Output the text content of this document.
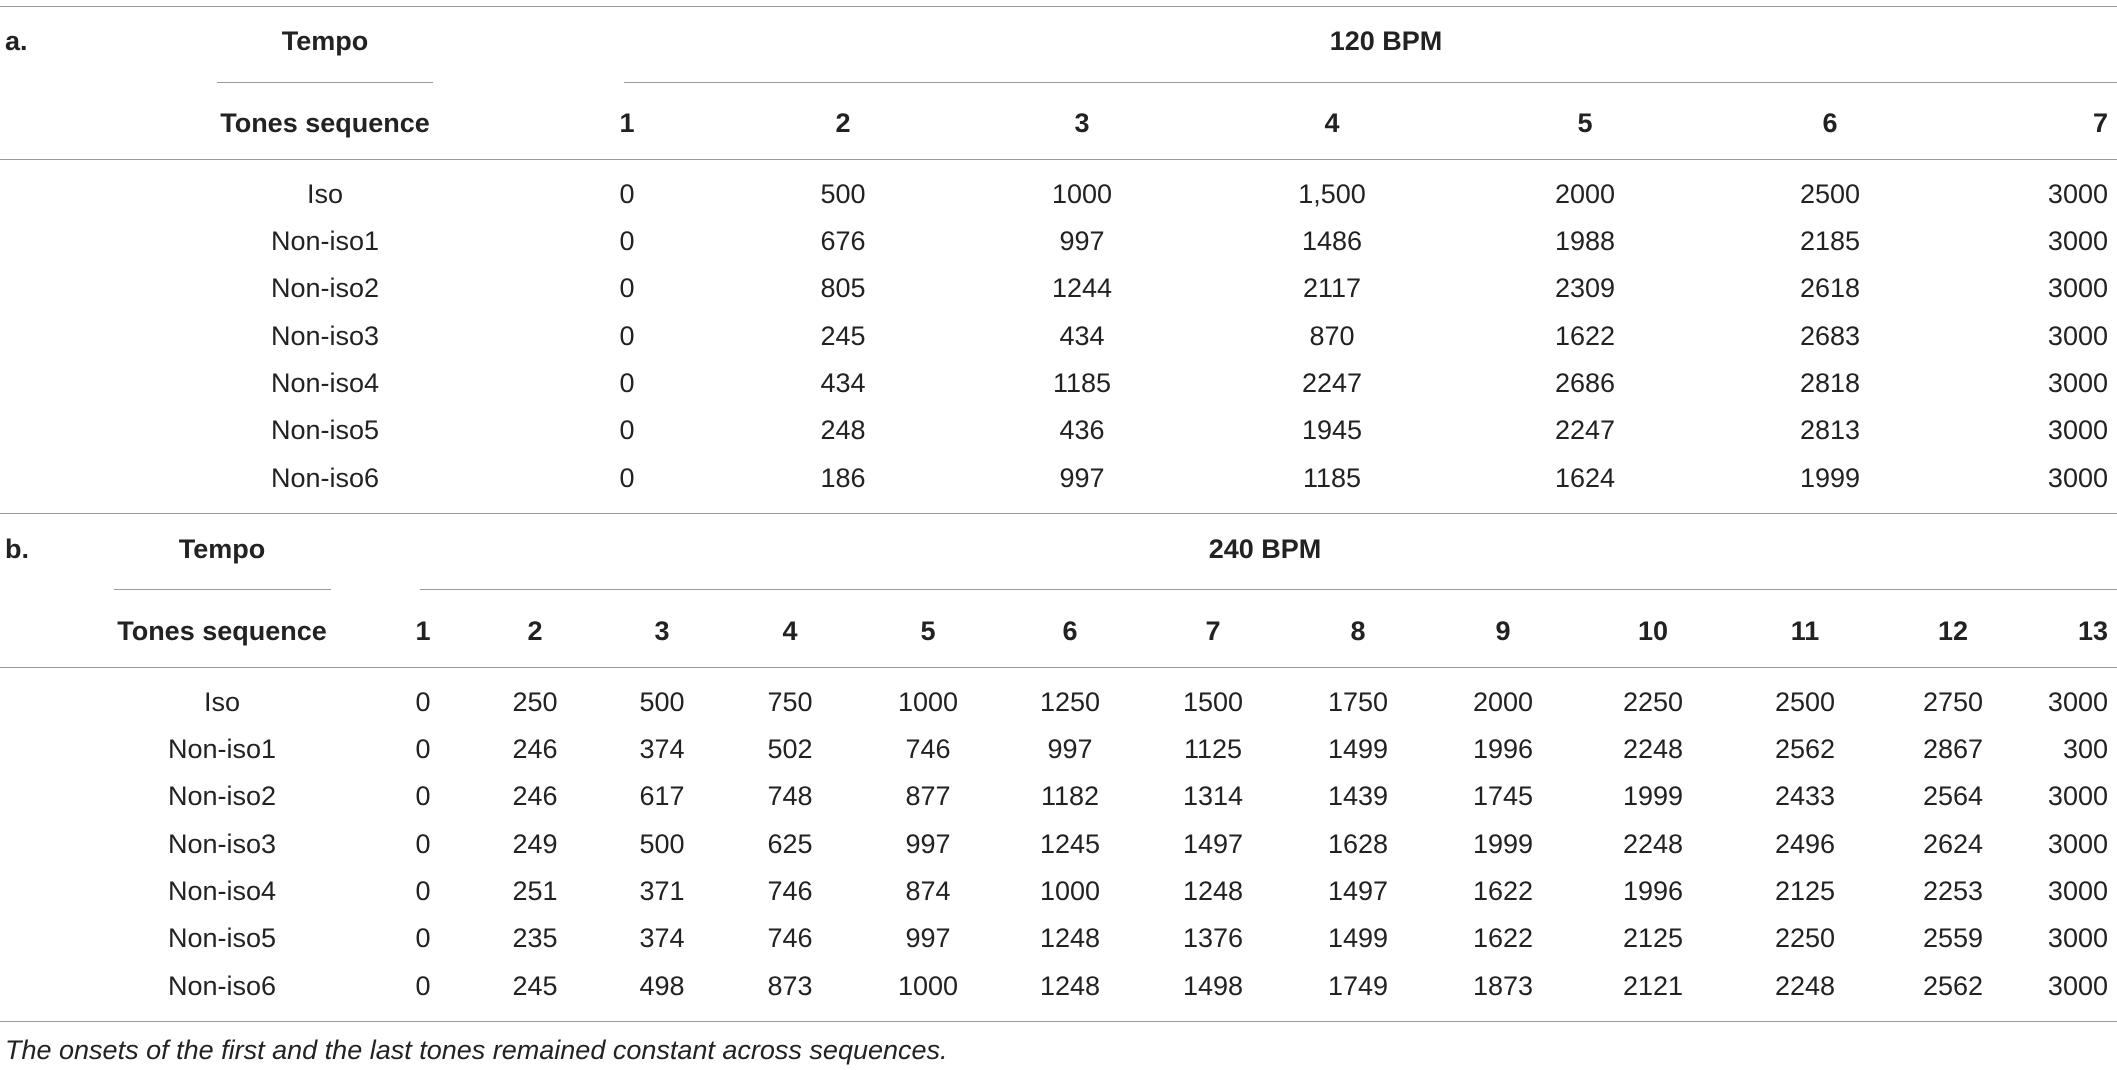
a.	Tempo	120 BPM
Tones sequence	1	2	3	4	5	6	7
Iso	0	500	1000	1,500	2000	2500	3000
Non-iso1	0	676	997	1486	1988	2185	3000
Non-iso2	0	805	1244	2117	2309	2618	3000
Non-iso3	0	245	434	870	1622	2683	3000
Non-iso4	0	434	1185	2247	2686	2818	3000
Non-iso5	0	248	436	1945	2247	2813	3000
Non-iso6	0	186	997	1185	1624	1999	3000
b.	Tempo	240 BPM
Tones sequence	1	2	3	4	5	6	7	8	9	10	11	12	13
Iso	0	250	500	750	1000	1250	1500	1750	2000	2250	2500	2750 3000
Non-iso1	0	246	374	502	746	997	1125	1499	1996	2248	2562	2867	300
Non-iso2	0	246	617	748	877	1182	1314	1439	1745	1999	2433	2564 3000
Non-iso3	0	249	500	625	997	1245	1497	1628	1999	2248	2496	2624 3000
Non-iso4	0	251	371	746	874	1000	1248	1497	1622	1996	2125	2253 3000
Non-iso5	0	235	374	746	997	1248	1376	1499	1622	2125	2250	2559 3000
Non-iso6	0	245	498	873	1000	1248	1498	1749	1873	2121	2248	2562 3000
The onsets of the first and the last tones remained constant across sequences.
